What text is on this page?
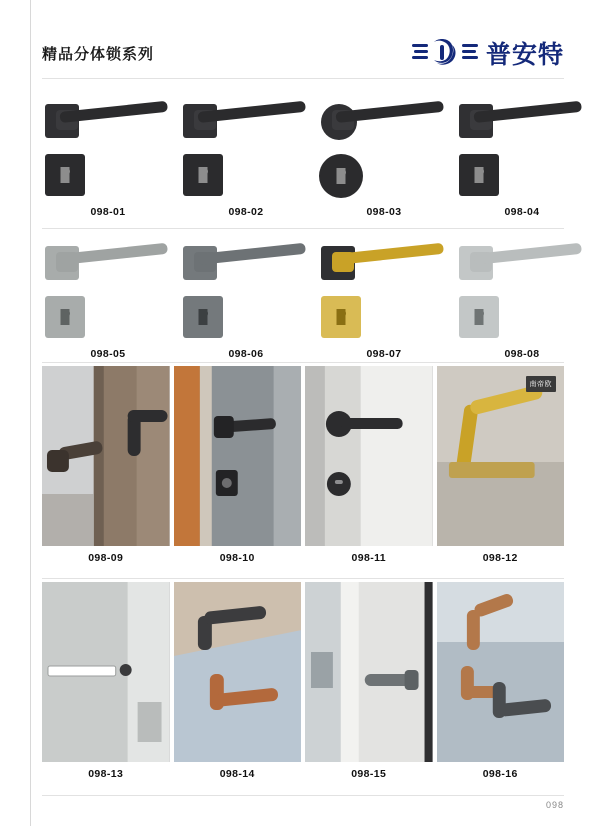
精品分体锁系列	普安特
098-01	098-02	098-03	098-04
098-05	098-06	098-07	098-08
098-09	098-10	098-11
南帝欧
098-12
098-13	098-14	098-15	098-16
098
